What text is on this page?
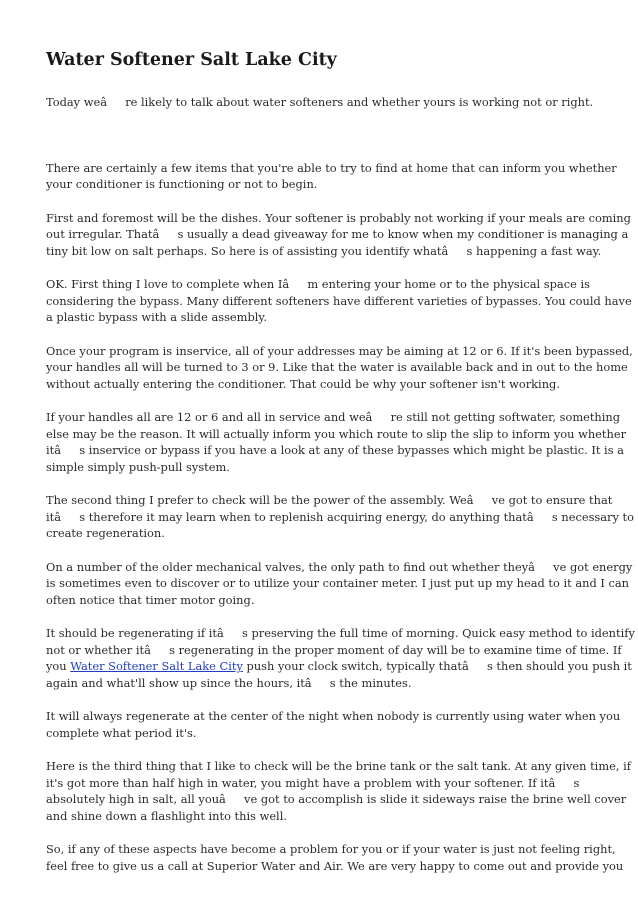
Water Softener Salt Lake City

Today weâre likely to talk about water softeners and whether yours is working not or right.

There are certainly a few items that you're able to try to find at home that can inform you whether
your conditioner is functioning or not to begin.

First and foremost will be the dishes. Your softener is probably not working if your meals are coming
out irregular. Thatâs usually a dead giveaway for me to know when my conditioner is managing a
tiny bit low on salt perhaps. So here is of assisting you identify whatâs happening a fast way.

OK. First thing I love to complete when Iâm entering your home or to the physical space is
considering the bypass. Many different softeners have different varieties of bypasses. You could have
a plastic bypass with a slide assembly.

Once your program is inservice, all of your addresses may be aiming at 12 or 6. If it's been bypassed,
your handles all will be turned to 3 or 9. Like that the water is available back and in out to the home
without actually entering the conditioner. That could be why your softener isn't working.

If your handles all are 12 or 6 and all in service and weâre still not getting softwater, something
else may be the reason. It will actually inform you which route to slip the slip to inform you whether
itâs inservice or bypass if you have a look at any of these bypasses which might be plastic. It is a
simple simply push-pull system.

The second thing I prefer to check will be the power of the assembly. Weâve got to ensure that
itâs therefore it may learn when to replenish acquiring energy, do anything thatâs necessary to
create regeneration.

On a number of the older mechanical valves, the only path to find out whether theyâve got energy
is sometimes even to discover or to utilize your container meter. I just put up my head to it and I can
often notice that timer motor going.

It should be regenerating if itâs preserving the full time of morning. Quick easy method to identify
not or whether itâs regenerating in the proper moment of day will be to examine time of time. If
you Water Softener Salt Lake City push your clock switch, typically thatâs then should you push it
again and what'll show up since the hours, itâs the minutes.

It will always regenerate at the center of the night when nobody is currently using water when you
complete what period it's.

Here is the third thing that I like to check will be the brine tank or the salt tank. At any given time, if
it's got more than half high in water, you might have a problem with your softener. If itâs
absolutely high in salt, all youâve got to accomplish is slide it sideways raise the brine well cover
and shine down a flashlight into this well.

So, if any of these aspects have become a problem for you or if your water is just not feeling right,
feel free to give us a call at Superior Water and Air. We are very happy to come out and provide you
